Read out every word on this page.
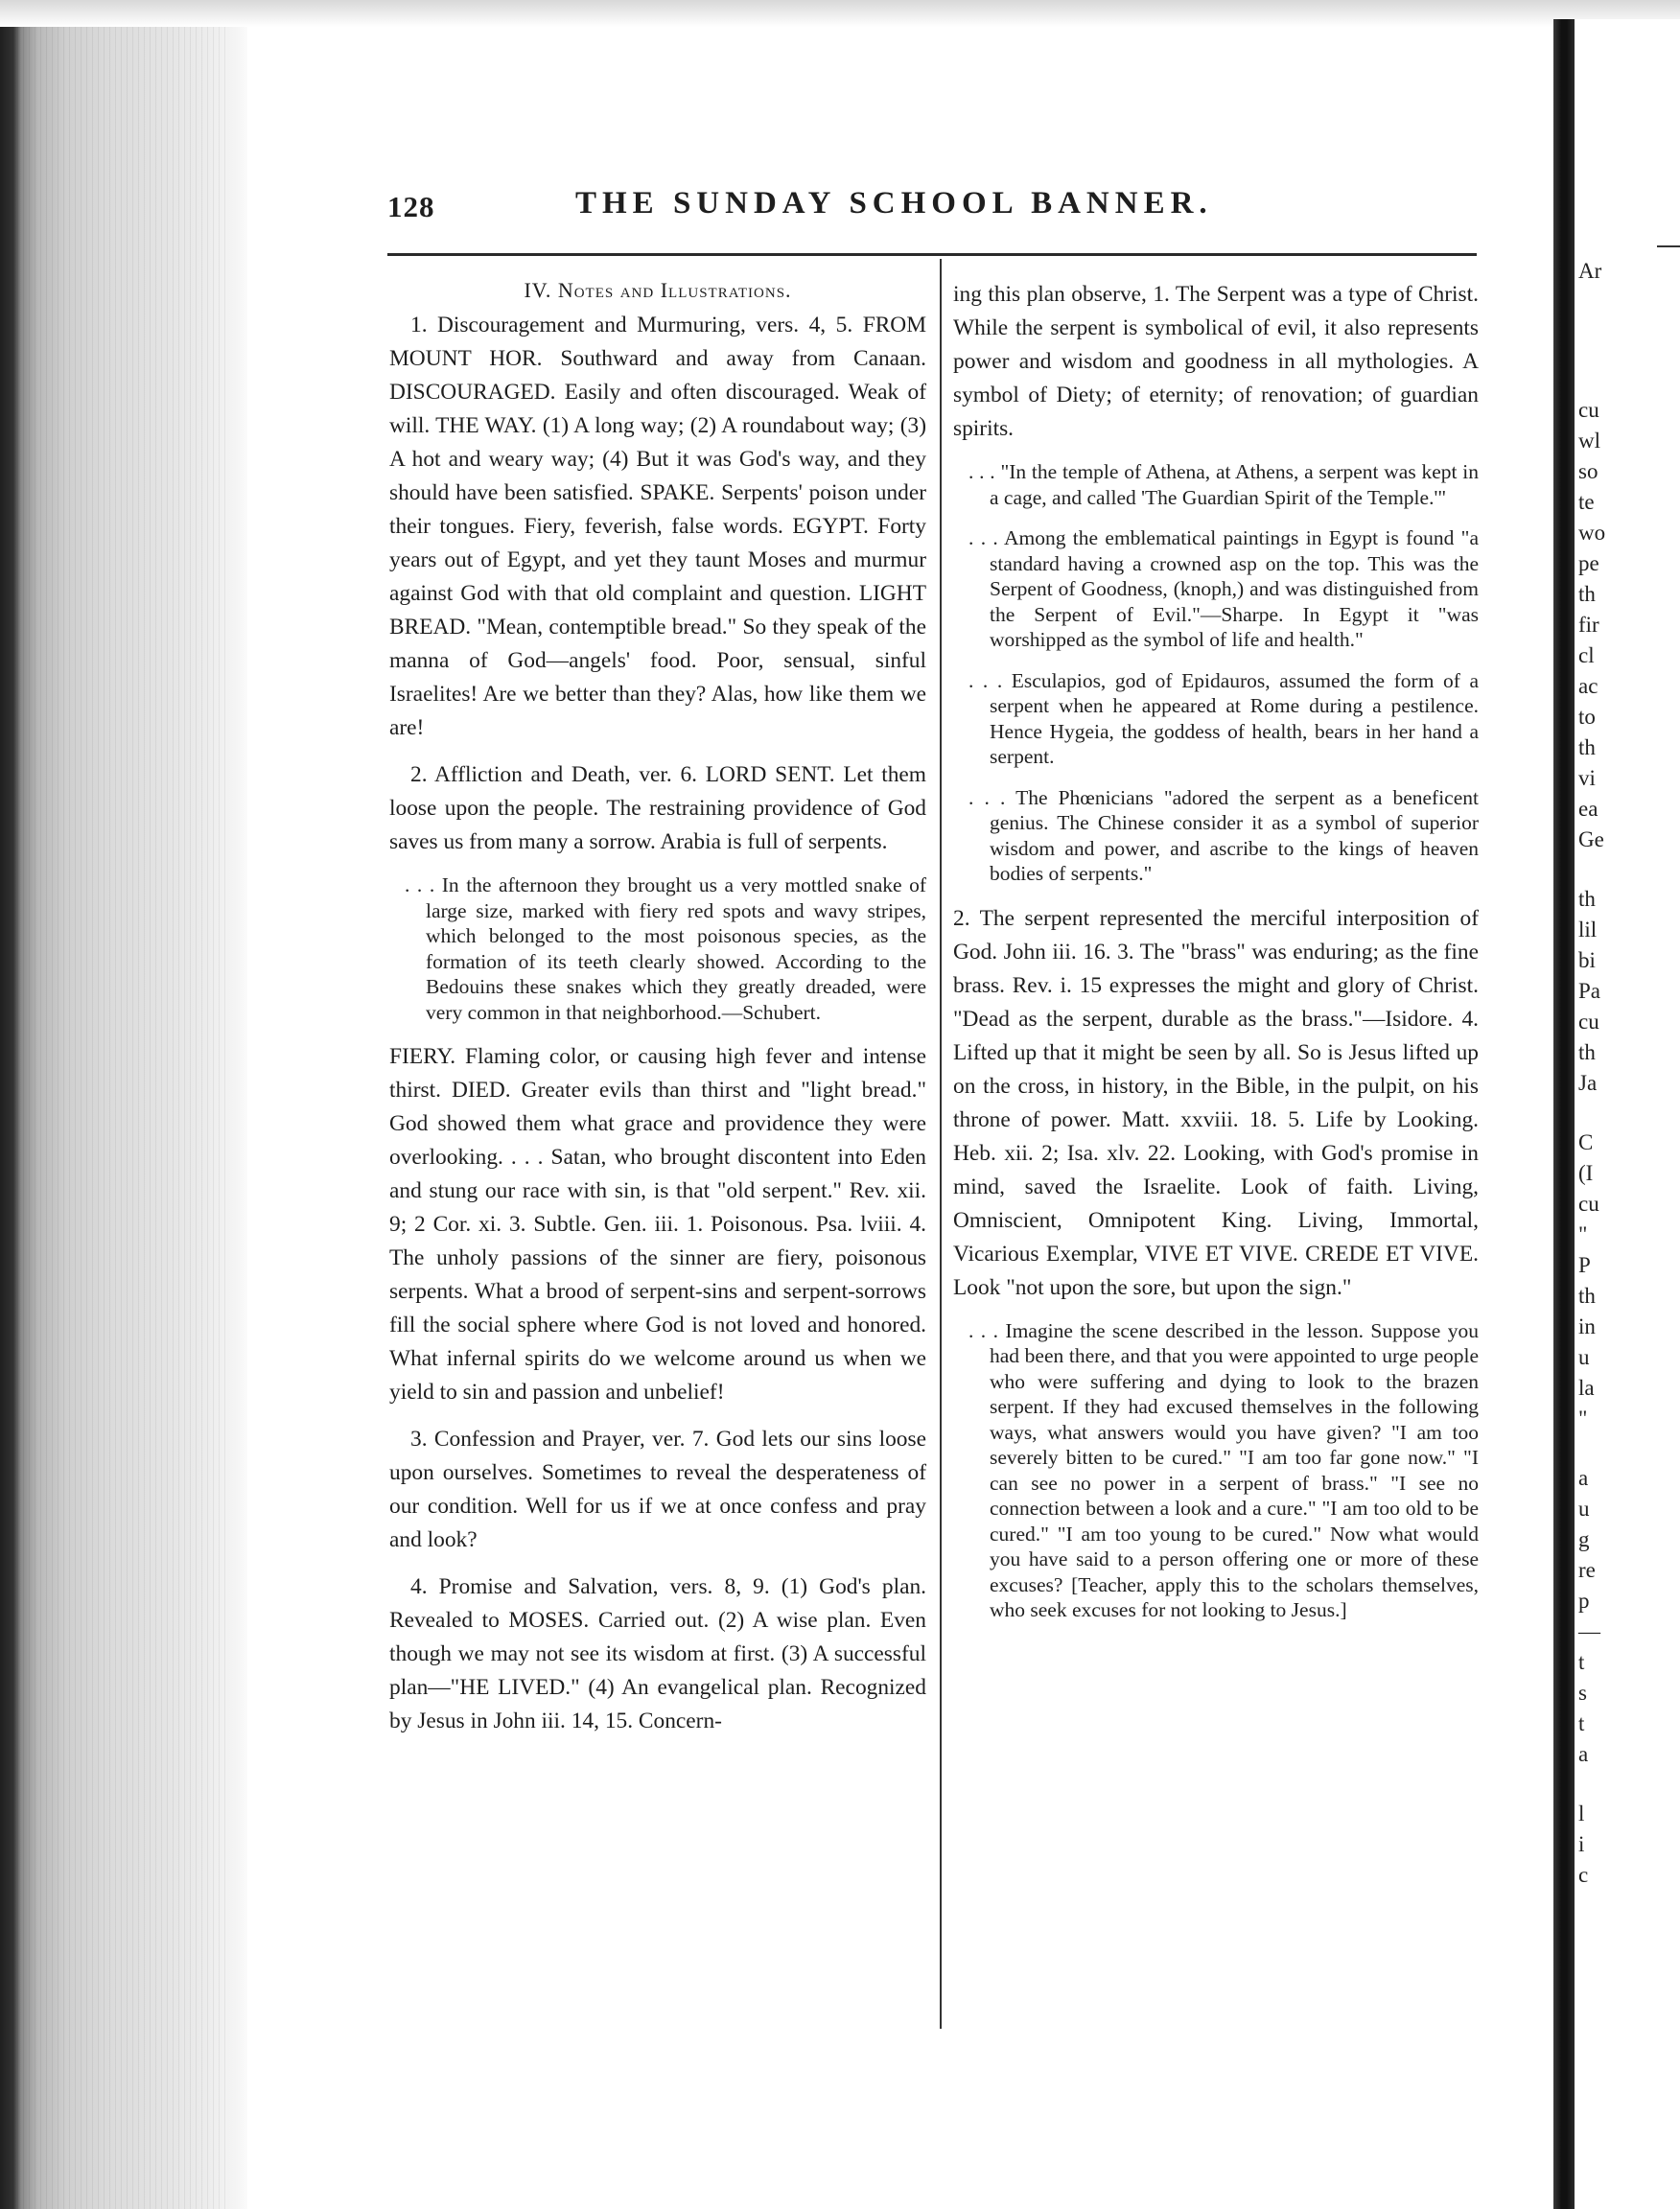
128	THE SUNDAY SCHOOL BANNER.
IV. Notes and Illustrations.

1. Discouragement and Murmuring, vers. 4, 5. FROM MOUNT HOR. Southward and away from Canaan. DISCOURAGED. Easily and often discouraged. Weak of will. THE WAY. (1) A long way; (2) A roundabout way; (3) A hot and weary way; (4) But it was God's way, and they should have been satisfied. SPAKE. Serpents' poison under their tongues. Fiery, feverish, false words. EGYPT. Forty years out of Egypt, and yet they taunt Moses and murmur against God with that old complaint and question. LIGHT BREAD. "Mean, contemptible bread." So they speak of the manna of God—angels' food. Poor, sensual, sinful Israelites! Are we better than they? Alas, how like them we are!

2. Affliction and Death, ver. 6. LORD SENT. Let them loose upon the people. The restraining providence of God saves us from many a sorrow. Arabia is full of serpents.

. . . In the afternoon they brought us a very mottled snake of large size, marked with fiery red spots and wavy stripes, which belonged to the most poisonous species, as the formation of its teeth clearly showed. According to the Bedouins these snakes which they greatly dreaded, were very common in that neighborhood.—Schubert.

FIERY. Flaming color, or causing high fever and intense thirst. DIED. Greater evils than thirst and "light bread." God showed them what grace and providence they were overlooking. . . . Satan, who brought discontent into Eden and stung our race with sin, is that "old serpent." Rev. xii. 9; 2 Cor. xi. 3. Subtle. Gen. iii. 1. Poisonous. Psa. lviii. 4. The unholy passions of the sinner are fiery, poisonous serpents. What a brood of serpent-sins and serpent-sorrows fill the social sphere where God is not loved and honored. What infernal spirits do we welcome around us when we yield to sin and passion and unbelief!

3. Confession and Prayer, ver. 7. God lets our sins loose upon ourselves. Sometimes to reveal the desperateness of our condition. Well for us if we at once confess and pray and look?

4. Promise and Salvation, vers. 8, 9. (1) God's plan. Revealed to MOSES. Carried out. (2) A wise plan. Even though we may not see its wisdom at first. (3) A successful plan—"HE LIVED." (4) An evangelical plan. Recognized by Jesus in John iii. 14, 15. Concern-

ing this plan observe, 1. The Serpent was a type of Christ. While the serpent is symbolical of evil, it also represents power and wisdom and goodness in all mythologies. A symbol of Diety; of eternity; of renovation; of guardian spirits.

. . . "In the temple of Athena, at Athens, a serpent was kept in a cage, and called 'The Guardian Spirit of the Temple.'"

. . . Among the emblematical paintings in Egypt is found "a standard having a crowned asp on the top. This was the Serpent of Goodness, (knoph,) and was distinguished from the Serpent of Evil."—Sharpe. In Egypt it "was worshipped as the symbol of life and health."

. . . Esculapios, god of Epidauros, assumed the form of a serpent when he appeared at Rome during a pestilence. Hence Hygeia, the goddess of health, bears in her hand a serpent.

. . . The Phœnicians "adored the serpent as a beneficent genius. The Chinese consider it as a symbol of superior wisdom and power, and ascribe to the kings of heaven bodies of serpents."

2. The serpent represented the merciful interposition of God. John iii. 16. 3. The "brass" was enduring; as the fine brass. Rev. i. 15 expresses the might and glory of Christ. "Dead as the serpent, durable as the brass."—Isidore. 4. Lifted up that it might be seen by all. So is Jesus lifted up on the cross, in history, in the Bible, in the pulpit, on his throne of power. Matt. xxviii. 18. 5. Life by Looking. Heb. xii. 2; Isa. xlv. 22. Looking, with God's promise in mind, saved the Israelite. Look of faith. Living, Omniscient, Omnipotent King. Living, Immortal, Vicarious Exemplar, VIVE ET VIVE. CREDE ET VIVE. Look "not upon the sore, but upon the sign."

. . . Imagine the scene described in the lesson. Suppose you had been there, and that you were appointed to urge people who were suffering and dying to look to the brazen serpent. If they had excused themselves in the following ways, what answers would you have given? "I am too severely bitten to be cured." "I am too far gone now." "I can see no power in a serpent of brass." "I see no connection between a look and a cure." "I am too old to be cured." "I am too young to be cured." Now what would you have said to a person offering one or more of these excuses? [Teacher, apply this to the scholars themselves, who seek excuses for not looking to Jesus.]

Ar
cu
wl
so
te
wo
pe
th
fir
cl
ac
to
th
vi
ea
Ge
th
lil
bi
Pa
cu
th
Ja
C
(I
cu
"
P
th
in
u
la
"
a
u
g
re
p
—
t
s
t
a
l
i
c
